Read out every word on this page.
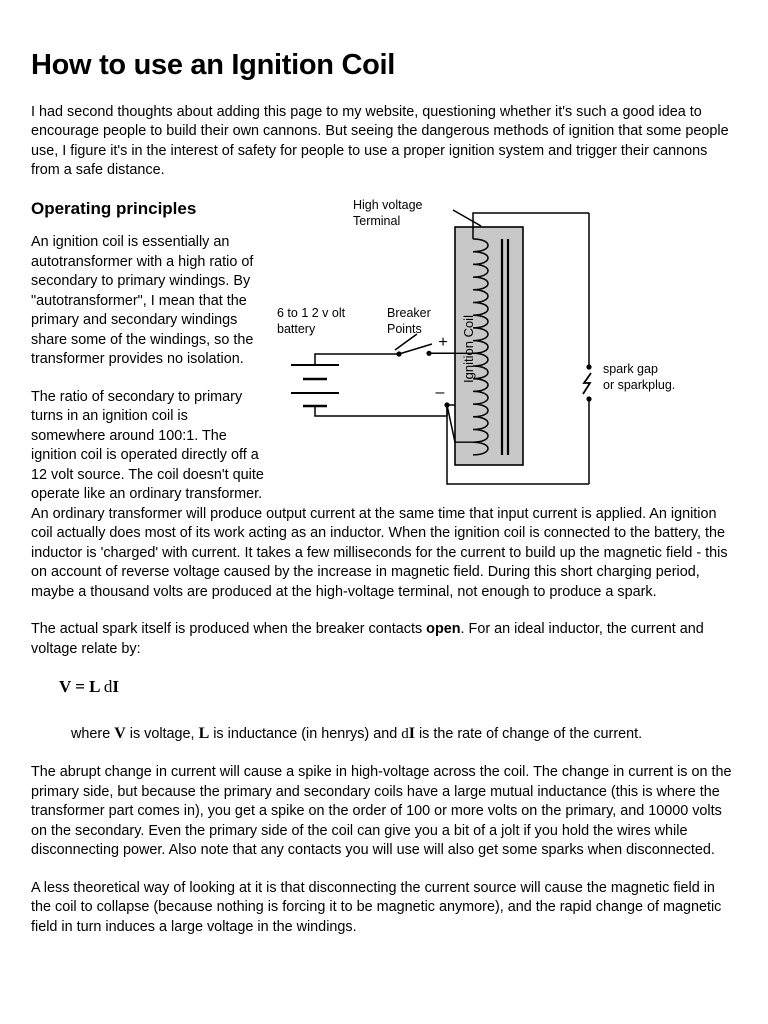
How to use an Ignition Coil

I had second thoughts about adding this page to my website, questioning whether it's such a good idea to encourage people to build their own cannons. But seeing the dangerous methods of ignition that some people use, I figure it's in the interest of safety for people to use a proper ignition system and trigger their cannons from a safe distance.

Ignition Coil
High voltage
Terminal
spark gap
or sparkplug.
–
+
Breaker
Points
6 to 1 2 v olt
battery
Operating principles

An ignition coil is essentially an autotransformer with a high ratio of secondary to primary windings. By "autotransformer", I mean that the primary and secondary windings share some of the windings, so the transformer provides no isolation.

The ratio of secondary to primary turns in an ignition coil is somewhere around 100:1. The ignition coil is operated directly off a 12 volt source. The coil doesn't quite operate like an ordinary transformer. An ordinary transformer will produce output current at the same time that input current is applied. An ignition coil actually does most of its work acting as an inductor. When the ignition coil is connected to the battery, the inductor is 'charged' with current. It takes a few milliseconds for the current to build up the magnetic field - this on account of reverse voltage caused by the increase in magnetic field. During this short charging period, maybe a thousand volts are produced at the high-voltage terminal, not enough to produce a spark.

The actual spark itself is produced when the breaker contacts open. For an ideal inductor, the current and voltage relate by:

V = L dI
where V is voltage, L is inductance (in henrys) and dI is the rate of change of the current.

The abrupt change in current will cause a spike in high-voltage across the coil. The change in current is on the primary side, but because the primary and secondary coils have a large mutual inductance (this is where the transformer part comes in), you get a spike on the order of 100 or more volts on the primary, and 10000 volts on the secondary. Even the primary side of the coil can give you a bit of a jolt if you hold the wires while disconnecting power. Also note that any contacts you will use will also get some sparks when disconnected.

A less theoretical way of looking at it is that disconnecting the current source will cause the magnetic field in the coil to collapse (because nothing is forcing it to be magnetic anymore), and the rapid change of magnetic field in turn induces a large voltage in the windings.
